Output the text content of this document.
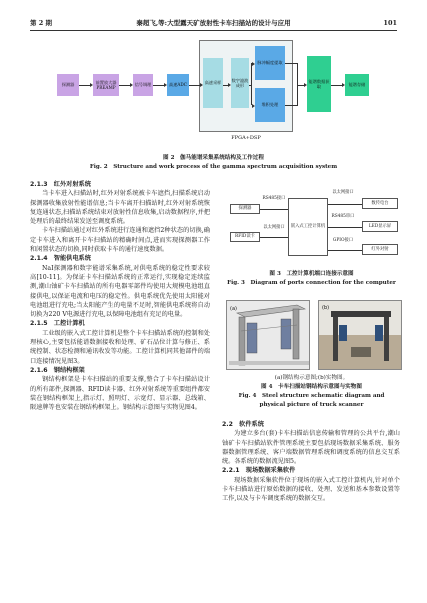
第 2 期	秦超飞,等:大型露天矿放射性卡车扫描站的设计与应用	101
探测器
前置放大器PREAMP
信号调理	高速ADC	高速采样
数字滤波成形
脉冲幅度提取
堆积处理
FPGA+DSP
能谱数据获取	能谱存储
图 2　伽马能谱采集系统结构及工作过程
Fig. 2　Structure and work process of the gamma spectrum acquisition system
2.1.3　红外对射系统

当卡车进入扫描站时,红外对射系统被卡车遮挡,扫描系统启动探测器收集放射性能谱信息;当卡车离开扫描站时,红外对射系统恢复连通状态,扫描站系统结束对放射性信息收集,启动数据程序,并把处理后的最终结果发送至调度系统。

卡车扫描站通过对红外系统进行连通和遮挡2种状态的切换,确定卡车进入和离开卡车扫描站的精确时间点,进而实现探测器工作和闲置状态的切换,同时获取卡车的通行速度数据。

2.1.4　智能供电系统

NaI探测器和数字能谱采集系统,对供电系统的稳定性要求较高[10-11]。为保证卡车扫描站系统的正常运行,实现稳定连续监测,潮山铀矿卡车扫描站的所有电器零部件均使用大规模电池组直接供电,以保证电流和电压的稳定性。供电系统优先使用太阳能对电池组进行充电;当太阳能产生的电量不足时,智能供电系统将自动切换为220 V电源进行充电,以保障电池组有充足的电量。

2.1.5　工控计算机

工业级的嵌入式工控计算机是整个卡车扫描站系统的控制和处理核心,主要包括能谱数据接收和处理、矿石品位计算与修正、系统控制、状态检测和通讯收发等功能。工控计算机同其他部件的端口连接情况见图3。

2.1.6　钢结构框架

钢结构框架是卡车扫描站的重要支撑,整合了卡车扫描站设计的所有部件,探测器、RFID读卡器、红外对射系统等重要组件都安装在钢结构框架上,指示灯、照明灯、示宽灯、显示器、总线箱、限速牌等也安装在钢结构框架上。钢结构示意图与实物见图4。

探测器
RFID读卡
嵌入式工控计算机
RS485接口
以太网接口
以太网接口
RS485串口
GPIO接口
数传电台
LED显示屏
红外对射
图 3　工控计算机端口连接示意图
Fig. 3　Diagram of ports connection for the computer
(a)	(b)
(a)钢结构示意图;(b)实物图。
图 4　卡车扫描站钢结构示意图与实物图
Fig. 4　Steel structure schematic diagram and
physical picture of truck scanner
2.2　软件系统

为建立多台(套)卡车扫描站信息传输和管理的公共平台,潮山铀矿卡车扫描站软件管理系统主要包括现场数据采集系统、服务器数据管理系统、客户端数据管理系统和调度系统的信息交互系统。各系统的数据流见图5。

2.2.1　现场数据采集软件

现场数据采集软件位于现场的嵌入式工控计算机内,针对单个卡车扫描站进行原始数据的接收、处理、发送和基本参数设置等工作,以及与卡车调度系统的数据交互。
